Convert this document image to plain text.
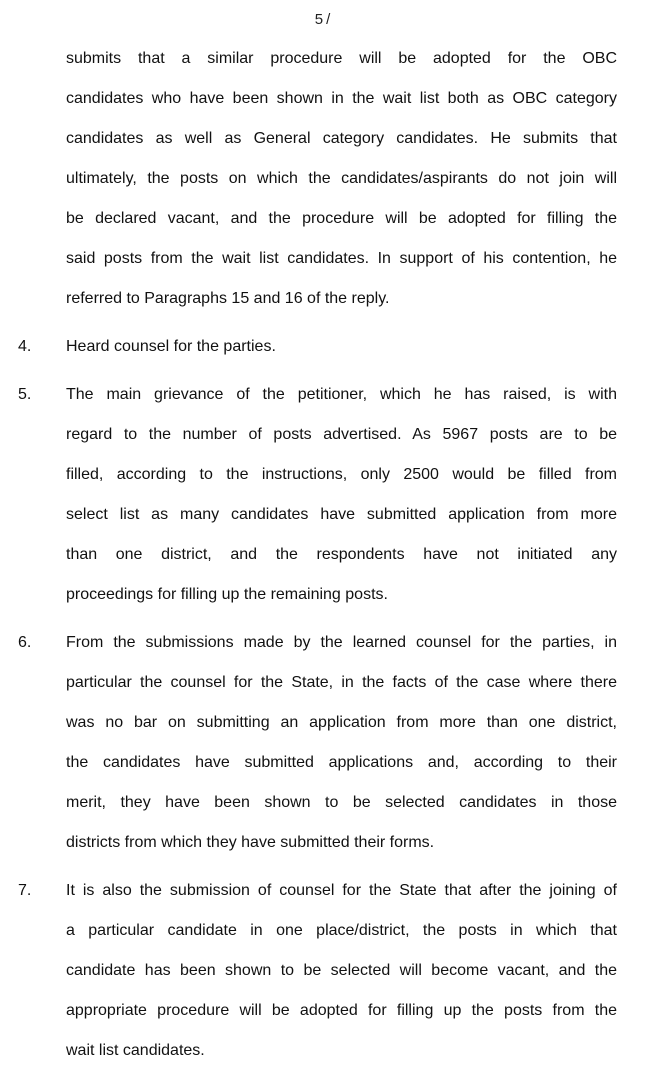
5/
submits that a similar procedure will be adopted for the OBC
candidates who have been shown in the wait list both as OBC category
candidates as well as General category candidates. He submits that
ultimately, the posts on which the candidates/aspirants do not join will
be declared vacant, and the procedure will be adopted for filling the
said posts from the wait list candidates. In support of his contention, he
referred to Paragraphs 15 and 16 of the reply.
4. Heard counsel for the parties.
5. The main grievance of the petitioner, which he has raised, is with
regard to the number of posts advertised. As 5967 posts are to be
filled, according to the instructions, only 2500 would be filled from
select list as many candidates have submitted application from more
than one district, and the respondents have not initiated any
proceedings for filling up the remaining posts.
6. From the submissions made by the learned counsel for the parties, in
particular the counsel for the State, in the facts of the case where there
was no bar on submitting an application from more than one district,
the candidates have submitted applications and, according to their
merit, they have been shown to be selected candidates in those
districts from which they have submitted their forms.
7. It is also the submission of counsel for the State that after the joining of
a particular candidate in one place/district, the posts in which that
candidate has been shown to be selected will become vacant, and the
appropriate procedure will be adopted for filling up the posts from the
wait list candidates.
